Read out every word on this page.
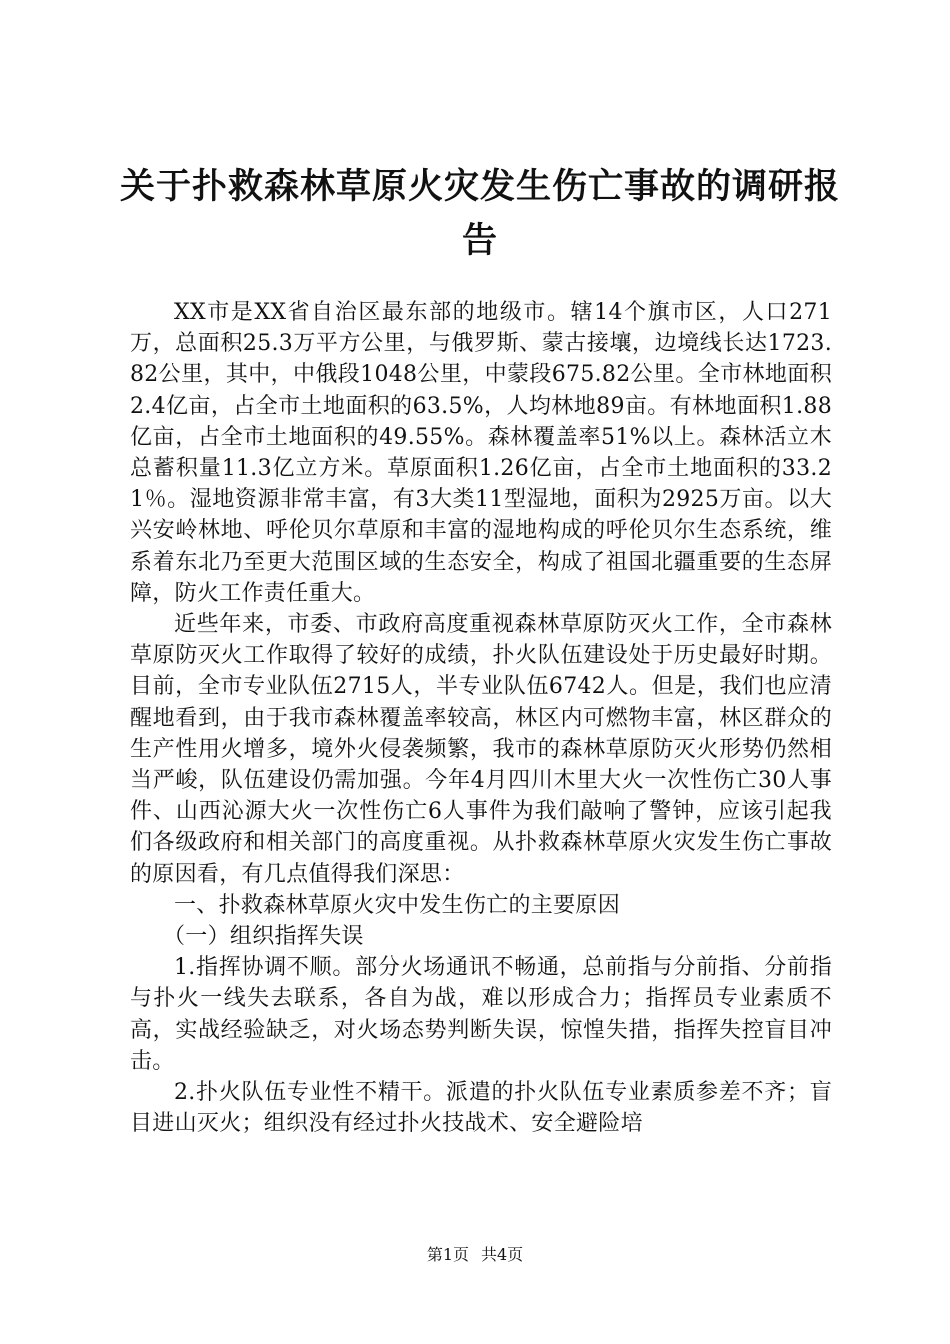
关于扑救森林草原火灾发生伤亡事故的调研报告

XX市是XX省自治区最东部的地级市。辖14个旗市区，人口271万，总面积25.3万平方公里，与俄罗斯、蒙古接壤，边境线长达1723.82公里，其中，中俄段1048公里，中蒙段675.82公里。全市林地面积2.4亿亩，占全市土地面积的63.5%，人均林地89亩。有林地面积1.88亿亩，占全市土地面积的49.55%。森林覆盖率51%以上。森林活立木总蓄积量11.3亿立方米。草原面积1.26亿亩，占全市土地面积的33.21％。湿地资源非常丰富，有3大类11型湿地，面积为2925万亩。以大兴安岭林地、呼伦贝尔草原和丰富的湿地构成的呼伦贝尔生态系统，维系着东北乃至更大范围区域的生态安全，构成了祖国北疆重要的生态屏障，防火工作责任重大。

近些年来，市委、市政府高度重视森林草原防灭火工作，全市森林草原防灭火工作取得了较好的成绩，扑火队伍建设处于历史最好时期。目前，全市专业队伍2715人，半专业队伍6742人。但是，我们也应清醒地看到，由于我市森林覆盖率较高，林区内可燃物丰富，林区群众的生产性用火增多，境外火侵袭频繁，我市的森林草原防灭火形势仍然相当严峻，队伍建设仍需加强。今年4月四川木里大火一次性伤亡30人事件、山西沁源大火一次性伤亡6人事件为我们敲响了警钟，应该引起我们各级政府和相关部门的高度重视。从扑救森林草原火灾发生伤亡事故的原因看，有几点值得我们深思：

一、扑救森林草原火灾中发生伤亡的主要原因

（一）组织指挥失误

1.指挥协调不顺。部分火场通讯不畅通，总前指与分前指、分前指与扑火一线失去联系，各自为战，难以形成合力；指挥员专业素质不高，实战经验缺乏，对火场态势判断失误，惊惶失措，指挥失控盲目冲击。

2.扑火队伍专业性不精干。派遣的扑火队伍专业素质参差不齐；盲目进山灭火；组织没有经过扑火技战术、安全避险培

第1页 共4页
